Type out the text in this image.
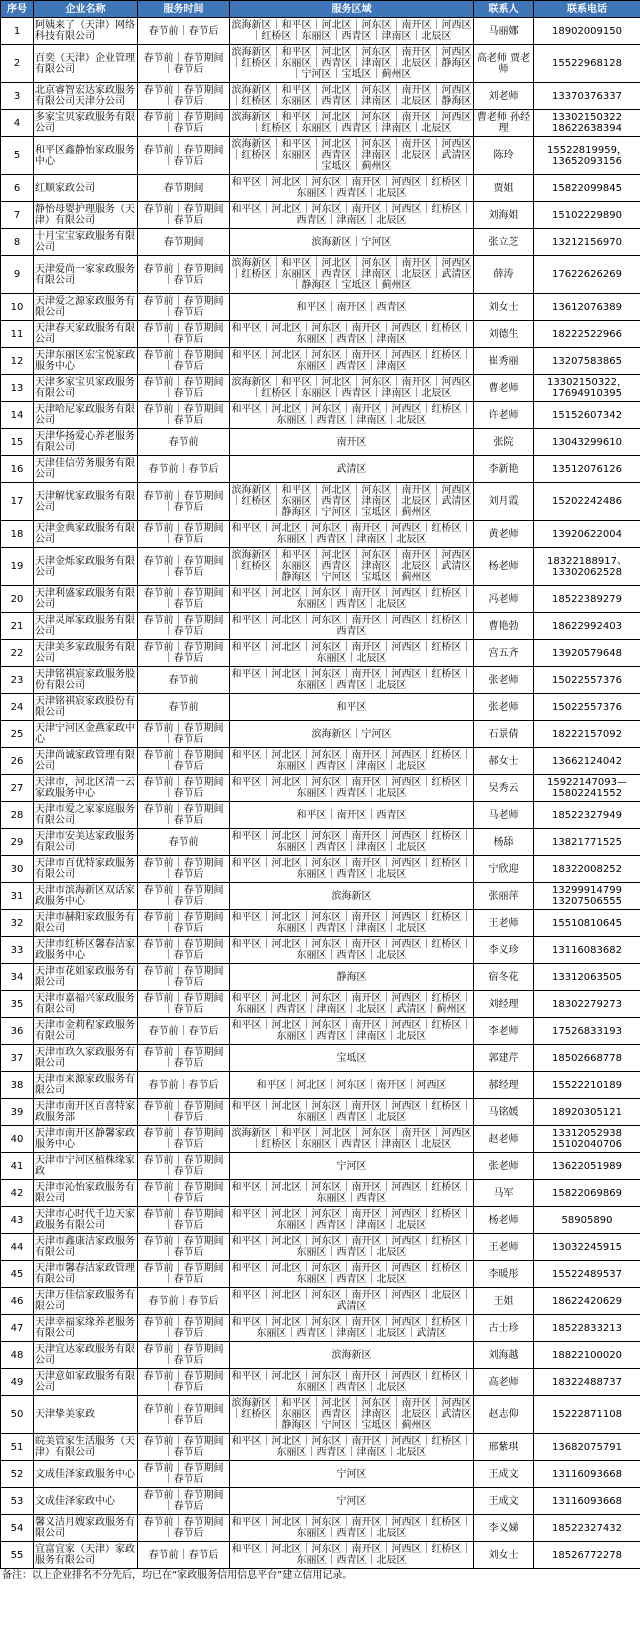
序号	企业名称	服务时间	服务区域	联系人	联系电话
1	阿姨来了（天津）网络科技有限公司	春节前｜春节后	滨海新区｜和平区｜河北区｜河东区｜南开区｜河西区｜红桥区｜东丽区｜西青区｜津南区｜北辰区	马丽娜	18902009150
2	百奕（天津）企业管理有限公司	春节前｜春节期间｜春节后	滨海新区｜和平区｜河北区｜河东区｜南开区｜河西区｜红桥区｜东丽区｜西青区｜津南区｜北辰区｜静海区｜宁河区｜宝坻区｜蓟州区	高老师 贾老师	15522968128
3	北京睿智宏达家政服务有限公司天津分公司	春节前｜春节期间｜春节后	滨海新区｜和平区｜河北区｜河东区｜南开区｜河西区｜红桥区｜东丽区｜西青区｜津南区｜北辰区｜静海区	刘老师	13370376337
4	多家宝贝家政服务有限公司	春节前｜春节期间｜春节后	滨海新区｜和平区｜河北区｜河东区｜南开区｜河西区｜红桥区｜东丽区｜西青区｜津南区｜北辰区	曹老师 孙经理	13302150322 18622638394
5	和平区鑫静怡家政服务中心	春节前｜春节期间｜春节后	滨海新区｜和平区｜河北区｜河东区｜南开区｜河西区｜红桥区｜东丽区｜西青区｜津南区｜北辰区｜武清区｜宝坻区｜蓟州区	陈玲	15522819959，13652093156
6	红顺家政公司	春节期间	和平区｜河北区｜河东区｜南开区｜河西区｜红桥区｜东丽区｜西青区｜北辰区	贾姐	15822099845
7	静怡母婴护理服务（天津）有限公司	春节前｜春节期间｜春节后	和平区｜河北区｜河东区｜南开区｜河西区｜红桥区｜西青区｜津南区｜北辰区	刘海姐	15102229890
8	十月宝宝家政服务有限公司	春节期间	滨海新区｜宁河区	张立芝	13212156970
9	天津爱尚一家家政服务有限公司	春节前｜春节期间｜春节后	滨海新区｜和平区｜河北区｜河东区｜南开区｜河西区｜红桥区｜东丽区｜西青区｜津南区｜北辰区｜武清区｜静海区｜宝坻区｜蓟州区	薛涛	17622626269
10	天津爱之源家政服务有限公司	春节前｜春节期间｜春节后	和平区｜南开区｜西青区	刘女士	13612076389
11	天津春天家政服务有限公司	春节前｜春节期间｜春节后	和平区｜河北区｜河东区｜南开区｜河西区｜红桥区｜东丽区｜西青区｜津南区	刘德生	18222522966
12	天津东丽区宏宝悦家政服务中心	春节前｜春节期间｜春节后	和平区｜河北区｜河东区｜南开区｜河西区｜红桥区｜东丽区｜西青区｜津南区	崔秀丽	13207583865
13	天津多家宝贝家政服务有限公司	春节前｜春节期间｜春节后	滨海新区｜和平区｜河北区｜河东区｜南开区｜河西区｜红桥区｜东丽区｜西青区｜津南区｜北辰区	曹老师	13302150322，17694910395
14	天津哈尼家政服务有限公司	春节前｜春节期间｜春节后	和平区｜河北区｜河东区｜南开区｜河西区｜红桥区｜东丽区｜西青区｜津南区｜北辰区	许老师	15152607342
15	天津华扬爱心养老服务有限公司	春节前	南开区	张院	13043299610
16	天津佳信劳务服务有限公司	春节前｜春节后	武清区	李新艳	13512076126
17	天津解忧家政服务有限公司	春节前｜春节期间｜春节后	滨海新区｜和平区｜河北区｜河东区｜南开区｜河西区｜红桥区｜东丽区｜西青区｜津南区｜北辰区｜武清区｜静海区｜宁河区｜宝坻区｜蓟州区	刘月霞	15202242486
18	天津金典家政服务有限公司	春节前｜春节期间｜春节后	和平区｜河北区｜河东区｜南开区｜河西区｜红桥区｜东丽区｜西青区｜津南区｜北辰区	黄老师	13920622004
19	天津金烁家政服务有限公司	春节前｜春节期间｜春节后	滨海新区｜和平区｜河北区｜河东区｜南开区｜河西区｜红桥区｜东丽区｜西青区｜津南区｜北辰区｜武清区｜静海区｜宁河区｜宝坻区｜蓟州区	杨老师	18322188917、13302062528
20	天津利盛家政服务有限公司	春节前｜春节期间｜春节后	和平区｜河北区｜河东区｜南开区｜河西区｜红桥区｜东丽区｜西青区｜北辰区	冯老师	18522389279
21	天津灵犀家政服务有限公司	春节前｜春节期间｜春节后	和平区｜河北区｜河东区｜南开区｜河西区｜红桥区｜西青区	曹艳勃	18622992403
22	天津美多家政服务有限公司	春节前｜春节期间｜春节后	和平区｜河北区｜河东区｜南开区｜河西区｜红桥区｜东丽区｜北辰区	宫五齐	13920579648
23	天津铭祺宸家政服务股份有限公司	春节前	和平区｜河北区｜河东区｜南开区｜河西区｜红桥区｜东丽区｜西青区｜北辰区	张老师	15022557376
24	天津铭祺宸家政股份有限公司	春节前	和平区	张老师	15022557376
25	天津宁河区金燕家政中心	春节前｜春节期间｜春节后	滨海新区｜宁河区	石景倩	18222157092
26	天津尚诚家政管理有限公司	春节前｜春节期间｜春节后	和平区｜河北区｜河东区｜南开区｜河西区｜红桥区｜东丽区｜西青区｜津南区｜北辰区	郝女士	13662124042
27	天津市，河北区清一云家政服务中心	春节前｜春节期间｜春节后	和平区｜河北区｜河东区｜南开区｜河西区｜红桥区｜东丽区｜西青区｜北辰区	吴秀云	15922147093—15802241552
28	天津市爱之家家庭服务有限公司	春节前｜春节期间｜春节后	和平区｜南开区｜西青区	马老师	18522327949
29	天津市安美达家政服务有限公司	春节前	和平区｜河北区｜河东区｜南开区｜河西区｜红桥区｜东丽区｜西青区｜津南区｜北辰区	杨舔	13821771525
30	天津市百优特家政服务有限公司	春节前｜春节期间｜春节后	和平区｜河北区｜河东区｜南开区｜河西区｜红桥区｜东丽区｜西青区｜北辰区	宁欣迎	18322008252
31	天津市滨海新区双话家政服务中心	春节前｜春节期间｜春节后	滨海新区	张丽萍	13299914799 13207506555
32	天津市赫阳家政服务有限公司	春节前｜春节期间｜春节后	和平区｜河北区｜河东区｜南开区｜河西区｜红桥区｜东丽区｜西青区｜津南区｜北辰区	王老师	15510810645
33	天津市红桥区馨春洁家政服务中心	春节前｜春节期间｜春节后	和平区｜河北区｜河东区｜南开区｜河西区｜红桥区｜东丽区｜西青区｜北辰区	李义珍	13116083682
34	天津市花姐家政服务有限公司	春节前｜春节期间｜春节后	静海区	宿冬花	13312063505
35	天津市嘉福兴家政服务有限公司	春节前｜春节期间｜春节后	和平区｜河北区｜河东区｜南开区｜河西区｜红桥区｜东丽区｜西青区｜津南区｜北辰区｜武清区｜蓟州区	刘经理	18302279273
36	天津市金莉程家政服务有限公司	春节前｜春节后	和平区｜河北区｜河东区｜南开区｜河西区｜红桥区｜东丽区｜西青区｜津南区｜北辰区	李老师	17526833193
37	天津市玖久家政服务有限公司	春节前｜春节期间｜春节后	宝坻区	郭建芹	18502668778
38	天津市来源家政服务有限公司	春节前｜春节后	和平区｜河北区｜河东区｜南开区｜河西区	郝经理	15522210189
39	天津市南开区百喜特家政服务部	春节前｜春节期间｜春节后	和平区｜河北区｜河东区｜南开区｜河西区｜红桥区｜东丽区｜西青区｜北辰区	马铭媛	18920305121
40	天津市南开区静馨家政服务中心	春节前｜春节期间｜春节后	滨海新区｜和平区｜河北区｜河东区｜南开区｜河西区｜红桥区｜东丽区｜西青区｜津南区｜北辰区	赵老师	13312052938 15102040706
41	天津市宁河区植株缘家政	春节前｜春节期间｜春节后	宁河区	张老师	13622051989
42	天津市沁怡家政服务有限公司	春节前｜春节期间｜春节后	和平区｜河北区｜河东区｜南开区｜河西区｜红桥区｜东丽区｜西青区	马军	15822069869
43	天津市心时代千边天家政服务有限公司	春节前｜春节期间｜春节后	和平区｜河北区｜河东区｜南开区｜河西区｜红桥区｜东丽区｜西青区｜津南区｜北辰区	杨老师	58905890
44	天津市鑫康洁家政服务有限公司	春节前｜春节期间｜春节后	和平区｜河北区｜河东区｜南开区｜河西区｜红桥区｜东丽区｜西青区｜北辰区	王老师	13032245915
45	天津市馨春洁家政管理有限公司	春节前｜春节期间｜春节后	和平区｜河北区｜河东区｜南开区｜河西区｜红桥区｜东丽区｜西青区｜北辰区	李暖彤	15522489537
46	天津万佳信家政服务有限公司	春节前｜春节后	和平区｜河北区｜河东区｜南开区｜河西区｜北辰区｜武清区	王姐	18622420629
47	天津幸福家缘养老服务有限公司	春节前｜春节期间｜春节后	和平区｜河北区｜河东区｜南开区｜河西区｜红桥区｜东丽区｜西青区｜津南区｜北辰区｜武清区	古士珍	18522833213
48	天津宜达家政服务有限公司	春节前｜春节期间｜春节后	滨海新区	刘海越	18822100020
49	天津意如家政服务有限公司	春节前｜春节期间｜春节后	和平区｜河北区｜河东区｜南开区｜河西区｜红桥区｜东丽区｜西青区｜北辰区	高老师	18322488737
50	天津挚美家政	春节前｜春节期间｜春节后	滨海新区｜和平区｜河北区｜河东区｜南开区｜河西区｜红桥区｜东丽区｜西青区｜津南区｜北辰区｜武清区｜静海区｜宁河区｜宝坻区｜蓟州区	赵志仰	15222871108
51	皖美管家生活服务（天津）有限公司	春节前｜春节期间｜春节后	和平区｜河北区｜河东区｜南开区｜河西区｜红桥区｜东丽区｜西青区｜津南区｜北辰区	邢紫琪	13682075791
52	文成佳泽家政服务中心	春节前｜春节期间｜春节后	宁河区	王成文	13116093668
53	文成佳泽家政中心	春节前｜春节期间｜春节后	宁河区	王成文	13116093668
54	馨义洁月嫂家政服务有限公司	春节前｜春节期间｜春节后	和平区｜河北区｜河东区｜南开区｜河西区｜红桥区｜东丽区｜西青区｜北辰区	李义娣	18522327432
55	宜富宜家（天津）家政服务有限公司	春节前｜春节后	和平区｜河北区｜河东区｜南开区｜河西区｜红桥区｜东丽区｜西青区｜北辰区	刘女士	18526772278
备注：以上企业排名不分先后，均已在“家政服务信用信息平台”建立信用记录。
